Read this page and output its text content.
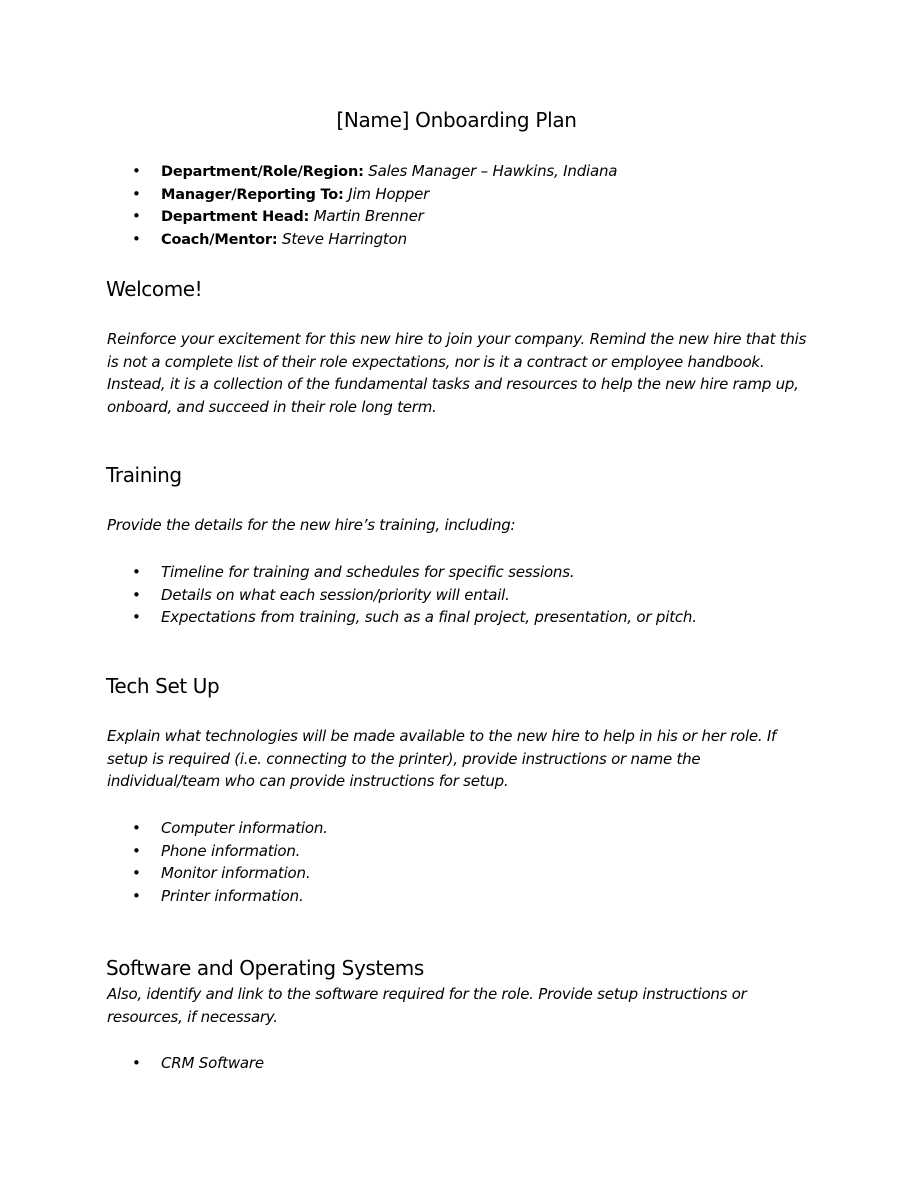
[Name] Onboarding Plan
• Department/Role/Region: Sales Manager – Hawkins, Indiana
• Manager/Reporting To: Jim Hopper
• Department Head: Martin Brenner
• Coach/Mentor: Steve Harrington
Welcome!

Reinforce your excitement for this new hire to join your company. Remind the new hire that this
is not a complete list of their role expectations, nor is it a contract or employee handbook.
Instead, it is a collection of the fundamental tasks and resources to help the new hire ramp up,
onboard, and succeed in their role long term.

Training

Provide the details for the new hire’s training, including:

• Timeline for training and schedules for specific sessions.
• Details on what each session/priority will entail.
• Expectations from training, such as a final project, presentation, or pitch.
Tech Set Up

Explain what technologies will be made available to the new hire to help in his or her role. If
setup is required (i.e. connecting to the printer), provide instructions or name the
individual/team who can provide instructions for setup.

• Computer information.
• Phone information.
• Monitor information.
• Printer information.
Software and Operating Systems

Also, identify and link to the software required for the role. Provide setup instructions or
resources, if necessary.

• CRM Software
